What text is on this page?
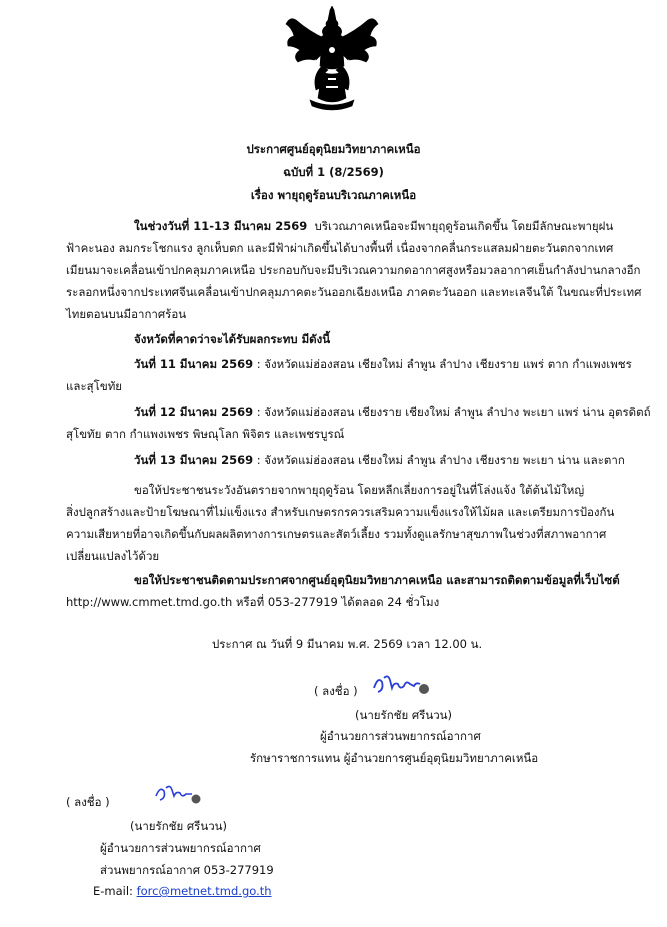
ประกาศศูนย์อุตุนิยมวิทยาภาคเหนือ
ฉบับที่ 1 (8/2569)
เรื่อง พายุฤดูร้อนบริเวณภาคเหนือ
ในช่วงวันที่ 11-13 มีนาคม 2569 บริเวณภาคเหนือจะมีพายุฤดูร้อนเกิดขึ้น โดยมีลักษณะพายุฝน
ฟ้าคะนอง ลมกระโชกแรง ลูกเห็บตก และมีฟ้าผ่าเกิดขึ้นได้บางพื้นที่ เนื่องจากคลื่นกระแสลมฝ่ายตะวันตกจากเทศ
เมียนมาจะเคลื่อนเข้าปกคลุมภาคเหนือ ประกอบกับจะมีบริเวณความกดอากาศสูงหรือมวลอากาศเย็นกำลังปานกลางอีก
ระลอกหนึ่งจากประเทศจีนเคลื่อนเข้าปกคลุมภาคตะวันออกเฉียงเหนือ ภาคตะวันออก และทะเลจีนใต้ ในขณะที่ประเทศ
ไทยตอนบนมีอากาศร้อน
จังหวัดที่คาดว่าจะได้รับผลกระทบ มีดังนี้
วันที่ 11 มีนาคม 2569 : จังหวัดแม่ฮ่องสอน เชียงใหม่ ลำพูน ลำปาง เชียงราย แพร่ ตาก กำแพงเพชร
และสุโขทัย
วันที่ 12 มีนาคม 2569 : จังหวัดแม่ฮ่องสอน เชียงราย เชียงใหม่ ลำพูน ลำปาง พะเยา แพร่ น่าน อุตรดิตถ์
สุโขทัย ตาก กำแพงเพชร พิษณุโลก พิจิตร และเพชรบูรณ์
วันที่ 13 มีนาคม 2569 : จังหวัดแม่ฮ่องสอน เชียงใหม่ ลำพูน ลำปาง เชียงราย พะเยา น่าน และตาก
ขอให้ประชาชนระวังอันตรายจากพายุฤดูร้อน โดยหลีกเลี่ยงการอยู่ในที่โล่งแจ้ง ใต้ต้นไม้ใหญ่
สิ่งปลูกสร้างและป้ายโฆษณาที่ไม่แข็งแรง สำหรับเกษตรกรควรเสริมความแข็งแรงให้ไม้ผล และเตรียมการป้องกัน
ความเสียหายที่อาจเกิดขึ้นกับผลผลิตทางการเกษตรและสัตว์เลี้ยง รวมทั้งดูแลรักษาสุขภาพในช่วงที่สภาพอากาศ
เปลี่ยนแปลงไว้ด้วย
ขอให้ประชาชนติดตามประกาศจากศูนย์อุตุนิยมวิทยาภาคเหนือ และสามารถติดตามข้อมูลที่เว็บไซต์
http://www.cmmet.tmd.go.th หรือที่ 053-277919 ได้ตลอด 24 ชั่วโมง
ประกาศ ณ วันที่ 9 มีนาคม พ.ศ. 2569 เวลา 12.00 น.
( ลงชื่อ )
(นายรักชัย ศรีนวน)
ผู้อำนวยการส่วนพยากรณ์อากาศ
รักษาราชการแทน ผู้อำนวยการศูนย์อุตุนิยมวิทยาภาคเหนือ
( ลงชื่อ )
(นายรักชัย ศรีนวน)
ผู้อำนวยการส่วนพยากรณ์อากาศ
ส่วนพยากรณ์อากาศ 053-277919
E-mail: forc@metnet.tmd.go.th
